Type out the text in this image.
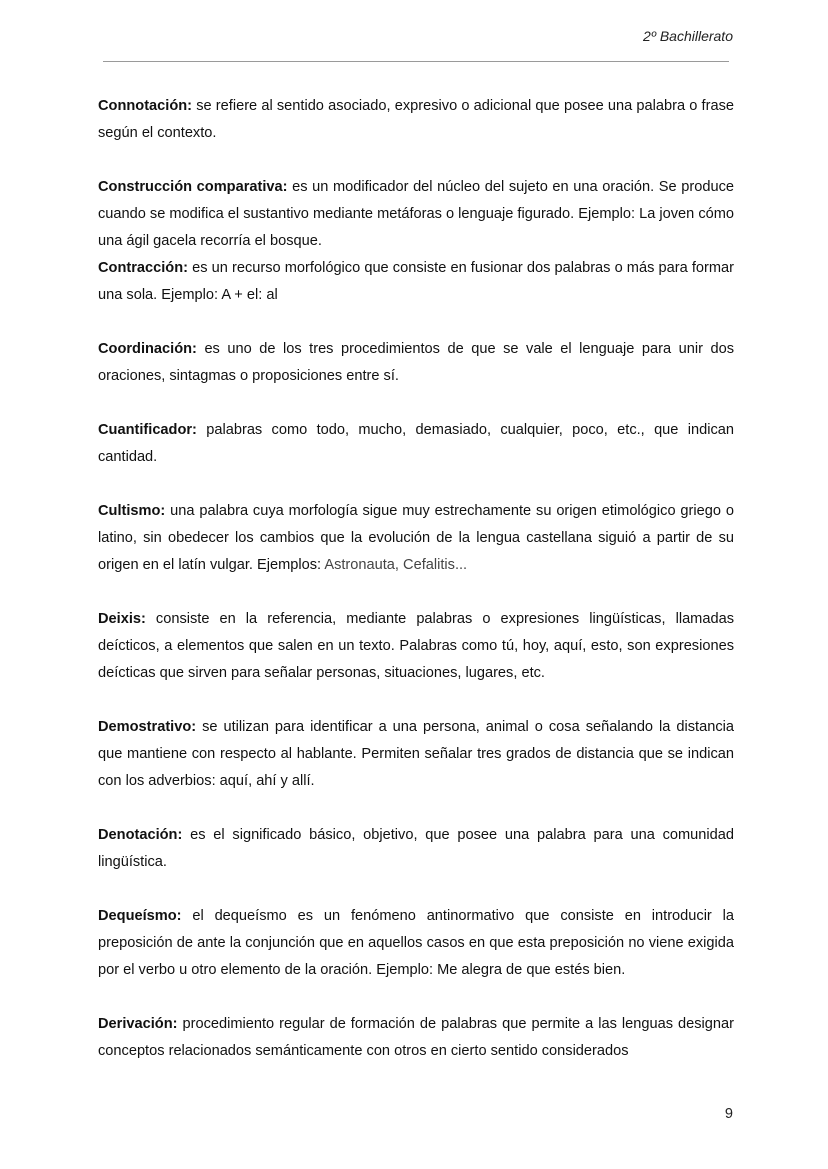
2º Bachillerato

Connotación: se refiere al sentido asociado, expresivo o adicional que posee una palabra o frase según el contexto.

Construcción comparativa: es un modificador del núcleo del sujeto en una oración. Se produce cuando se modifica el sustantivo mediante metáforas o lenguaje figurado. Ejemplo: La joven cómo una ágil gacela recorría el bosque.

Contracción: es un recurso morfológico que consiste en fusionar dos palabras o más para formar una sola. Ejemplo: A + el: al

Coordinación: es uno de los tres procedimientos de que se vale el lenguaje para unir dos oraciones, sintagmas o proposiciones entre sí.

Cuantificador: palabras como todo, mucho, demasiado, cualquier, poco, etc., que indican cantidad.

Cultismo: una palabra cuya morfología sigue muy estrechamente su origen etimológico griego o latino, sin obedecer los cambios que la evolución de la lengua castellana siguió a partir de su origen en el latín vulgar. Ejemplos: Astronauta, Cefalitis...

Deixis: consiste en la referencia, mediante palabras o expresiones lingüísticas, llamadas deícticos, a elementos que salen en un texto. Palabras como tú, hoy, aquí, esto, son expresiones deícticas que sirven para señalar personas, situaciones, lugares, etc.

Demostrativo: se utilizan para identificar a una persona, animal o cosa señalando la distancia que mantiene con respecto al hablante. Permiten señalar tres grados de distancia que se indican con los adverbios: aquí, ahí y allí.

Denotación: es el significado básico, objetivo, que posee una palabra para una comunidad lingüística.

Dequeísmo: el dequeísmo es un fenómeno antinormativo que consiste en introducir la preposición de ante la conjunción que en aquellos casos en que esta preposición no viene exigida por el verbo u otro elemento de la oración. Ejemplo: Me alegra de que estés bien.

Derivación: procedimiento regular de formación de palabras que permite a las lenguas designar conceptos relacionados semánticamente con otros en cierto sentido considerados

9
